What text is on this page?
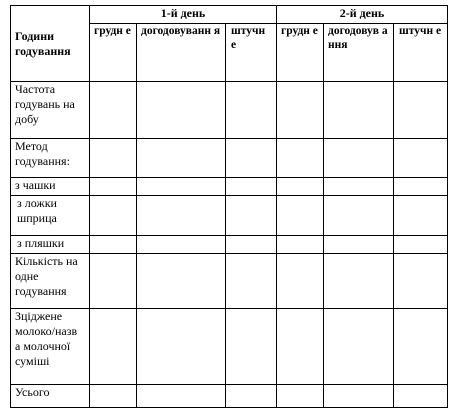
Години годування	1-й день			2-й день		
	грудн е	догодовуванн я	штучн е	грудн е	догодовув ання	штучн е
Частота годувань на добу						
Метод годування:						
з чашки						
з ложки шприца						
з пляшки						
Кількість на одне годування						
Зціджене молоко/назв а молочної суміші						
Усього						
